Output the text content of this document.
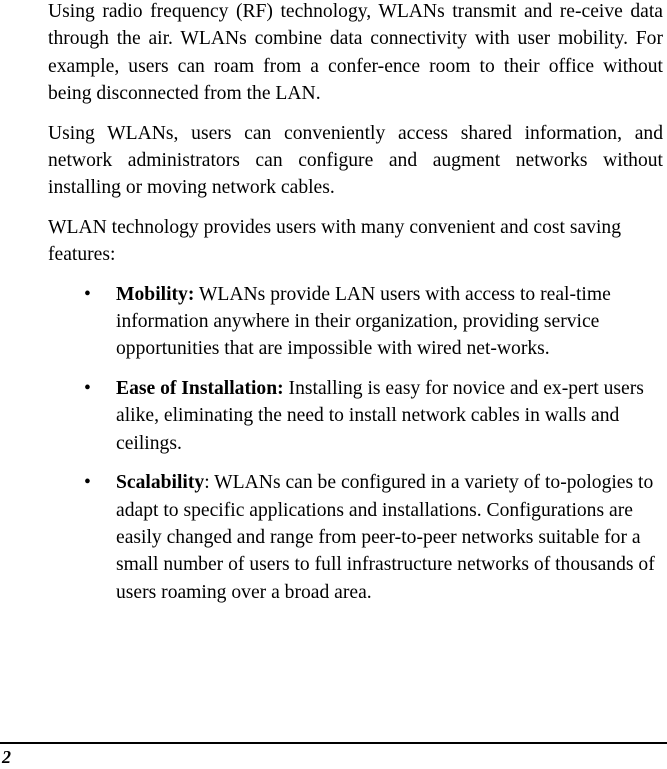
Using radio frequency (RF) technology, WLANs transmit and re-ceive data through the air. WLANs combine data connectivity with user mobility. For example, users can roam from a confer-ence room to their office without being disconnected from the LAN.

Using WLANs, users can conveniently access shared information, and network administrators can configure and augment networks without installing or moving network cables.

WLAN technology provides users with many convenient and cost saving features:

• Mobility: WLANs provide LAN users with access to real-time information anywhere in their organization, providing service opportunities that are impossible with wired net-works.
• Ease of Installation: Installing is easy for novice and ex-pert users alike, eliminating the need to install network cables in walls and ceilings.
• Scalability: WLANs can be configured in a variety of to-pologies to adapt to specific applications and installations. Configurations are easily changed and range from peer-to-peer networks suitable for a small number of users to full infrastructure networks of thousands of users roaming over a broad area.
2
